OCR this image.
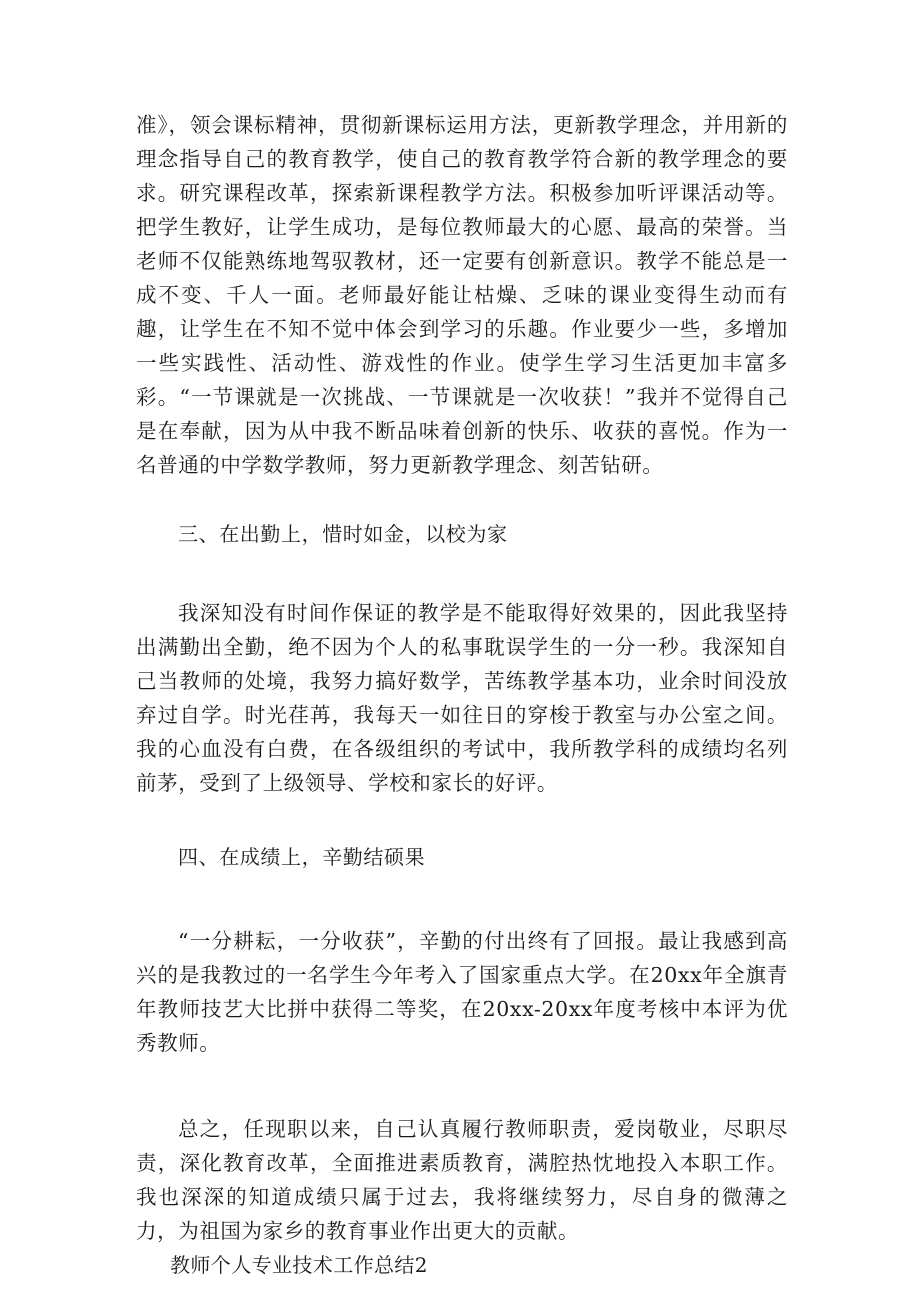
准》，领会课标精神，贯彻新课标运用方法，更新教学理念，并用新的理念指导自己的教育教学，使自己的教育教学符合新的教学理念的要求。研究课程改革，探索新课程教学方法。积极参加听评课活动等。把学生教好，让学生成功，是每位教师最大的心愿、最高的荣誉。当老师不仅能熟练地驾驭教材，还一定要有创新意识。教学不能总是一成不变、千人一面。老师最好能让枯燥、乏味的课业变得生动而有趣，让学生在不知不觉中体会到学习的乐趣。作业要少一些，多增加一些实践性、活动性、游戏性的作业。使学生学习生活更加丰富多彩。“一节课就是一次挑战、一节课就是一次收获！”我并不觉得自己是在奉献，因为从中我不断品味着创新的快乐、收获的喜悦。作为一名普通的中学数学教师，努力更新教学理念、刻苦钻研。

三、在出勤上，惜时如金，以校为家

我深知没有时间作保证的教学是不能取得好效果的，因此我坚持出满勤出全勤，绝不因为个人的私事耽误学生的一分一秒。我深知自己当教师的处境，我努力搞好数学，苦练教学基本功，业余时间没放弃过自学。时光荏苒，我每天一如往日的穿梭于教室与办公室之间。我的心血没有白费，在各级组织的考试中，我所教学科的成绩均名列前茅，受到了上级领导、学校和家长的好评。

四、在成绩上，辛勤结硕果

“一分耕耘，一分收获”，辛勤的付出终有了回报。最让我感到高兴的是我教过的一名学生今年考入了国家重点大学。在20xx年全旗青年教师技艺大比拼中获得二等奖，在20xx-20xx年度考核中本评为优秀教师。

总之，任现职以来，自己认真履行教师职责，爱岗敬业，尽职尽责，深化教育改革，全面推进素质教育，满腔热忱地投入本职工作。我也深深的知道成绩只属于过去，我将继续努力，尽自身的微薄之力，为祖国为家乡的教育事业作出更大的贡献。

教师个人专业技术工作总结2
